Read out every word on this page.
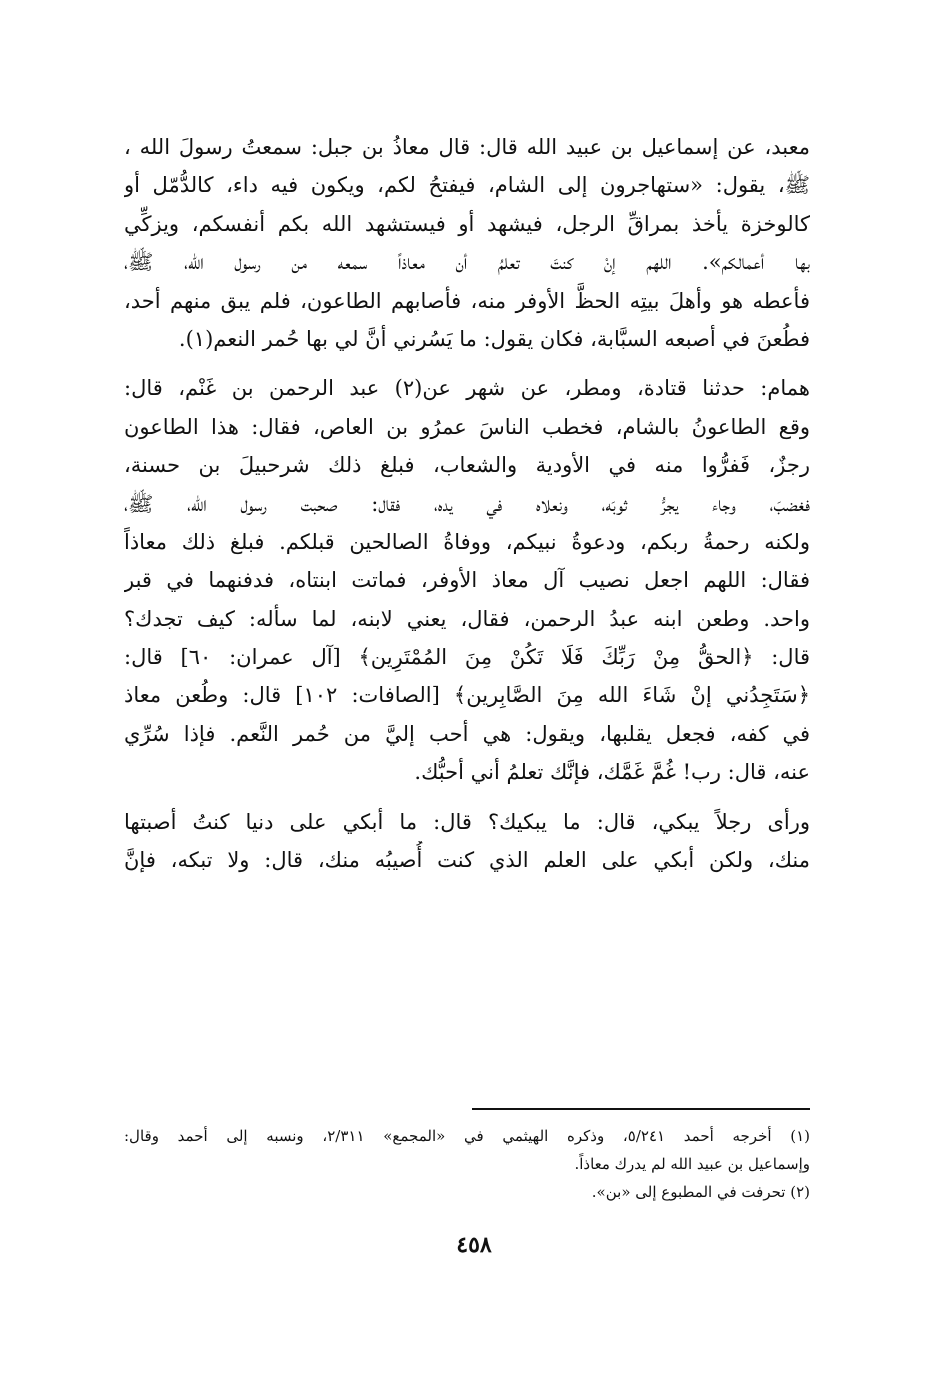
معبد، عن إسماعيل بن عبيد الله قال: قال معاذُ بن جبل: سمعتُ رسولَ الله ،
ﷺ، يقول: «ستهاجرون إلى الشام، فيفتحُ لكم، ويكون فيه داء، كالدُّمّل أو
كالوخزة يأخذ بمراقِّ الرجل، فيشهد أو فيستشهد الله بكم أنفسكم، ويزكِّي
بها أعمالكم». اللهم إنْ كنتَ تعلمُ أن معاذاً سمعه من رسول الله، ﷺ،
فأعطه هو وأهلَ بيتِه الحظَّ الأوفر منه، فأصابهم الطاعون، فلم يبق منهم أحد،
فطُعنَ في أصبعه السبَّابة، فكان يقول: ما يَسُرني أنَّ لي بها حُمر النعم(١).

همام: حدثنا قتادة، ومطر، عن شهر عن(٢) عبد الرحمن بن غَنْم، قال:
وقع الطاعونُ بالشام، فخطب الناسَ عمرُو بن العاص، فقال: هذا الطاعون
رجزٌ، فَفرُّوا منه في الأودية والشعاب، فبلغ ذلك شرحبيلَ بن حسنة،
فغضبَ، وجاء يجرُّ ثوبَه، ونعلاه في يده، فقال: صحبت رسول الله، ﷺ،
ولكنه رحمةُ ربكم، ودعوةُ نبيكم، ووفاةُ الصالحين قبلكم. فبلغ ذلك معاذاً
فقال: اللهم اجعل نصيب آل معاذ الأوفر، فماتت ابنتاه، فدفنهما في قبر
واحد. وطعن ابنه عبدُ الرحمن، فقال، يعني لابنه، لما سأله: كيف تجدك؟
قال: ﴿الحقُّ مِنْ رَبِّكَ فَلَا تَكُنْ مِنَ المُمْتَرِين﴾ [آل عمران: ٦٠] قال:
﴿سَتَجِدُني إنْ شَاءَ الله مِنَ الصَّابِرين﴾ [الصافات: ١٠٢] قال: وطُعن معاذ
في كفه، فجعل يقلبها، ويقول: هي أحب إليَّ من حُمر النَّعم. فإذا سُرِّي
عنه، قال: رب! غُمَّ غَمَّك، فإنَّك تعلمُ أني أحبُّك.

ورأى رجلاً يبكي، قال: ما يبكيك؟ قال: ما أبكي على دنيا كنتُ أصبتها
منك، ولكن أبكي على العلم الذي كنت أُصيبُه منك، قال: ولا تبكه، فإنَّ

(١) أخرجه أحمد ٥/٢٤١، وذكره الهيثمي في «المجمع» ٢/٣١١، ونسبه إلى أحمد وقال:
وإسماعيل بن عبيد الله لم يدرك معاذاً.
(٢) تحرفت في المطبوع إلى «بن».
٤٥٨
